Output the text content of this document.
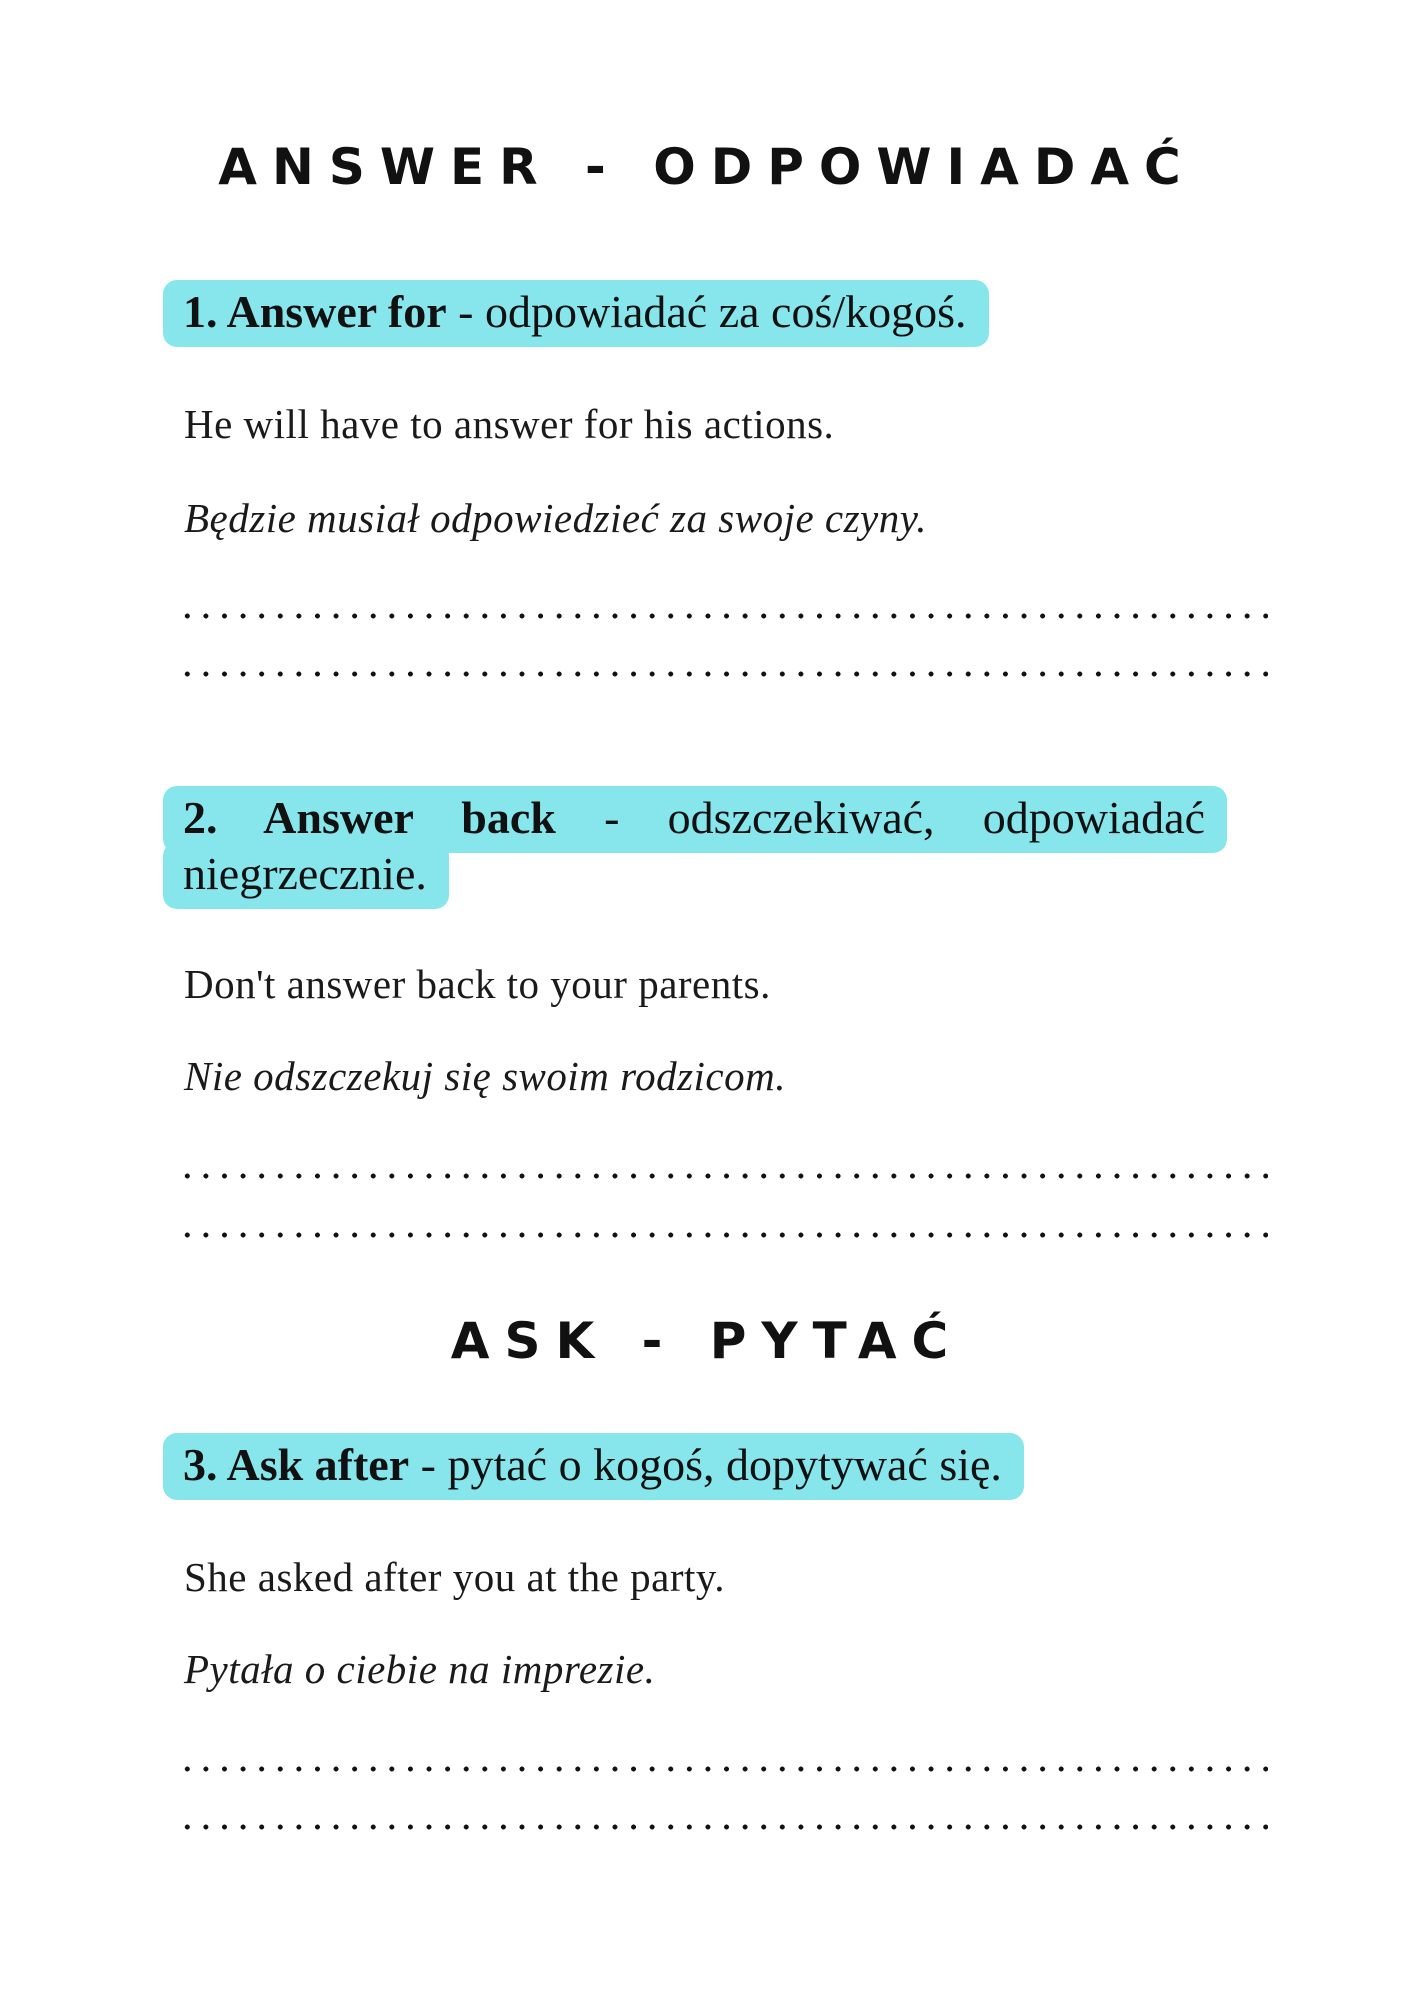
ANSWER - ODPOWIADAĆ
1. Answer for - odpowiadać za coś/kogoś.

He will have to answer for his actions.

Będzie musiał odpowiedzieć za swoje czyny.

2. Answer back - odszczekiwać, odpowiadać niegrzecznie.

Don't answer back to your parents.

Nie odszczekuj się swoim rodzicom.

ASK - PYTAĆ
3. Ask after - pytać o kogoś, dopytywać się.

She asked after you at the party.

Pytała o ciebie na imprezie.
